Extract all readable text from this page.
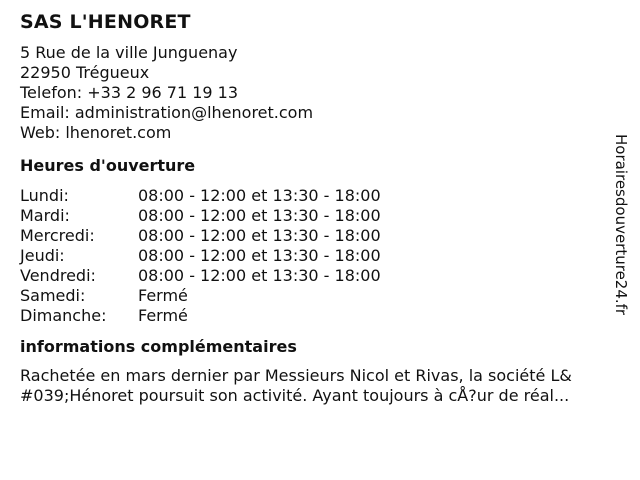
SAS L'HENORET
5 Rue de la ville Junguenay
22950 Trégueux
Telefon: +33 2 96 71 19 13
Email: administration@lhenoret.com
Web: lhenoret.com
Heures d'ouverture
Lundi:	08:00 - 12:00 et 13:30 - 18:00
Mardi:	08:00 - 12:00 et 13:30 - 18:00
Mercredi:	08:00 - 12:00 et 13:30 - 18:00
Jeudi:	08:00 - 12:00 et 13:30 - 18:00
Vendredi:	08:00 - 12:00 et 13:30 - 18:00
Samedi:	Fermé
Dimanche:	Fermé
informations complémentaires
Rachetée en mars dernier par Messieurs Nicol et Rivas, la société L&
#039;Hénoret poursuit son activité. Ayant toujours à cÅ?ur de réal...
Horairesdouverture24.fr
